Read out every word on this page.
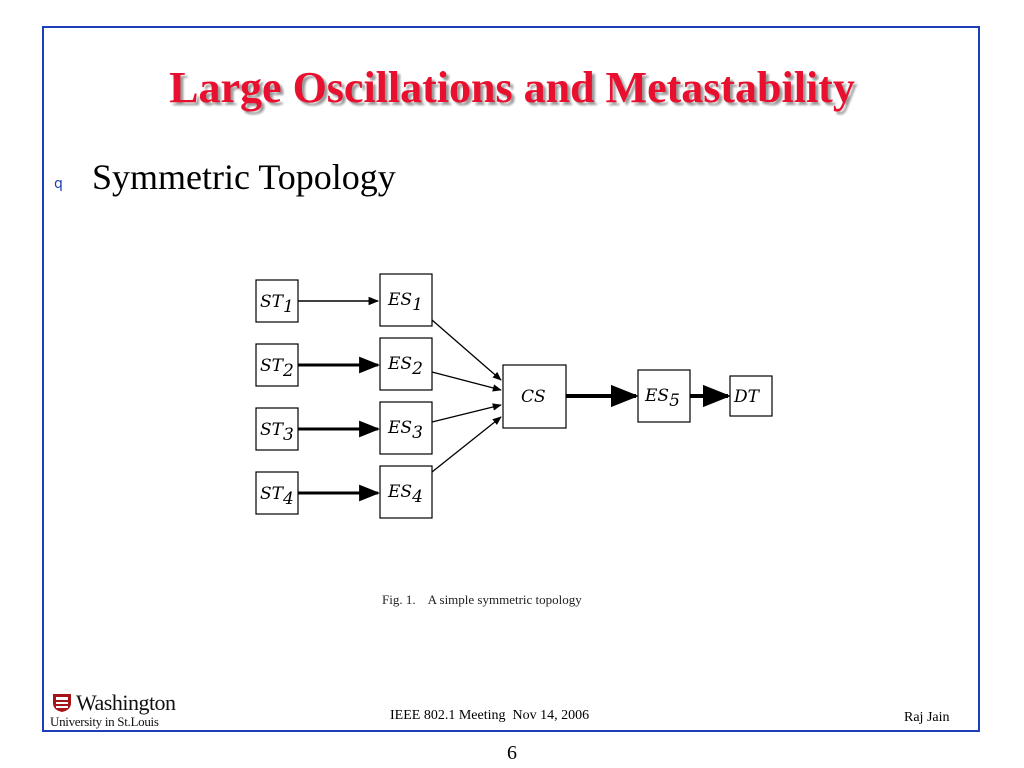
Large Oscillations and Metastability
q Symmetric Topology
ST1
ST2
ST3
ST4
ES1
ES2
ES3
ES4
CS	ES5	DT
Fig. 1. A simple symmetric topology
Washington
University in St.Louis	IEEE 802.1 Meeting  Nov 14, 2006	Raj Jain
6
